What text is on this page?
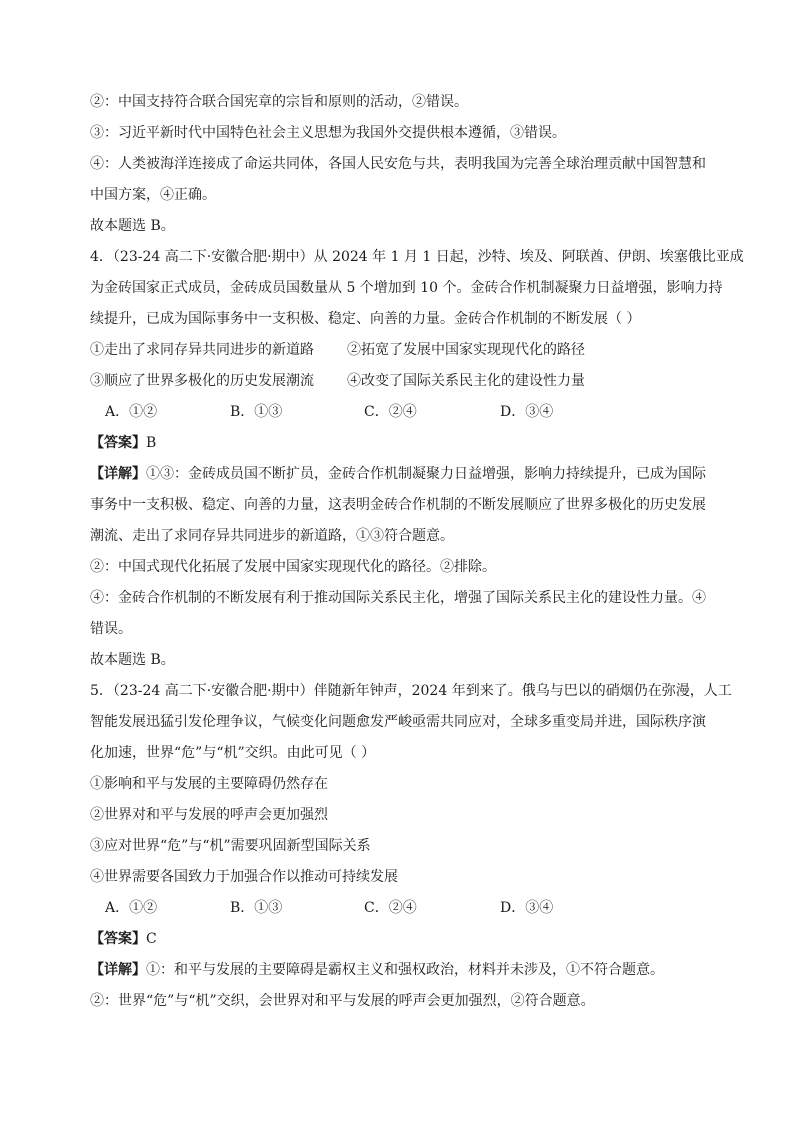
②：中国支持符合联合国宪章的宗旨和原则的活动，②错误。
③：习近平新时代中国特色社会主义思想为我国外交提供根本遵循，③错误。
④：人类被海洋连接成了命运共同体，各国人民安危与共，表明我国为完善全球治理贡献中国智慧和
中国方案，④正确。
故本题选 B。
4．（23-24 高二下·安徽合肥·期中）从 2024 年 1 月 1 日起，沙特、埃及、阿联酋、伊朗、埃塞俄比亚成
为金砖国家正式成员，金砖成员国数量从 5 个增加到 10 个。金砖合作机制凝聚力日益增强，影响力持
续提升，已成为国际事务中一支积极、稳定、向善的力量。金砖合作机制的不断发展（ ）
①走出了求同存异共同进步的新道路 ②拓宽了发展中国家实现现代化的路径
③顺应了世界多极化的历史发展潮流 ④改变了国际关系民主化的建设性力量
A．①②	B．①③	C．②④	D．③④
【答案】B
【详解】①③：金砖成员国不断扩员，金砖合作机制凝聚力日益增强，影响力持续提升，已成为国际
事务中一支积极、稳定、向善的力量，这表明金砖合作机制的不断发展顺应了世界多极化的历史发展
潮流、走出了求同存异共同进步的新道路，①③符合题意。
②：中国式现代化拓展了发展中国家实现现代化的路径。②排除。
④：金砖合作机制的不断发展有利于推动国际关系民主化，增强了国际关系民主化的建设性力量。④
错误。
故本题选 B。
5．（23-24 高二下·安徽合肥·期中）伴随新年钟声，2024 年到来了。俄乌与巴以的硝烟仍在弥漫，人工
智能发展迅猛引发伦理争议，气候变化问题愈发严峻亟需共同应对，全球多重变局并进，国际秩序演
化加速，世界“危”与“机”交织。由此可见（ ）
①影响和平与发展的主要障碍仍然存在
②世界对和平与发展的呼声会更加强烈
③应对世界“危”与“机”需要巩固新型国际关系
④世界需要各国致力于加强合作以推动可持续发展
A．①②	B．①③	C．②④	D．③④
【答案】C
【详解】①：和平与发展的主要障碍是霸权主义和强权政治，材料并未涉及，①不符合题意。
②：世界“危”与“机”交织，会世界对和平与发展的呼声会更加强烈，②符合题意。
